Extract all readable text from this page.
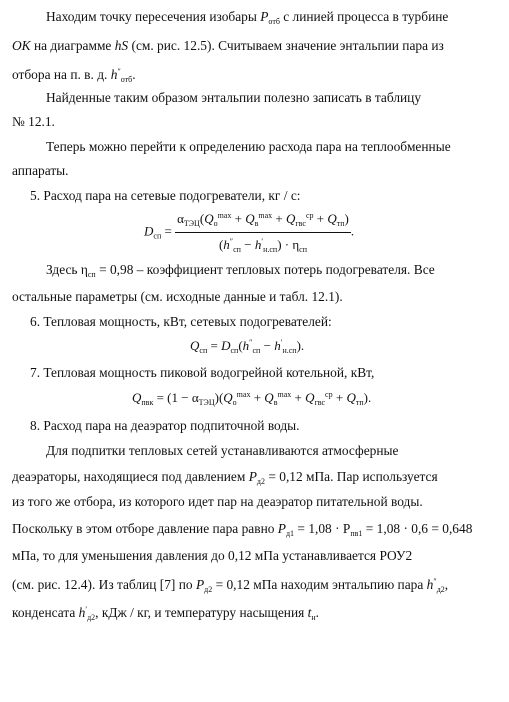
Находим точку пересечения изобары $P_{отб}$ с линией процесса в турбине
OK на диаграмме hS (см. рис. 12.5). Считываем значение энтальпии пара из
отбора на п. в. д. $h''_{отб}$.
Найденные таким образом энтальпии полезно записать в таблицу
№ 12.1.
Теперь можно перейти к определению расхода пара на теплообменные
аппараты.
5. Расход пара на сетевые подогреватели, кг / с:
$D_{сп} = \frac{\alpha_{ТЭЦ}(Q_о^{max} + Q_в^{max} + Q_{гвс}^{ср} + Q_{тп})}{(h''_{сп} - h'_{н.сп}) \cdot \eta_{сп}}$ .
Здесь $\eta_{сп} = 0,98$ – коэффициент тепловых потерь подогревателя. Все
остальные параметры (см. исходные данные и табл. 12.1).
6. Тепловая мощность, кВт, сетевых подогревателей:
$Q_{сп} = D_{сп}(h''_{сп} - h'_{н.сп})$.
7. Тепловая мощность пиковой водогрейной котельной, кВт,
$Q_{пвк} = (1 - \alpha_{ТЭЦ})(Q_о^{max} + Q_в^{max} + Q_{гвс}^{ср} + Q_{тп})$.
8. Расход пара на деаэратор подпиточной воды.
Для подпитки тепловых сетей устанавливаются атмосферные
деаэраторы, находящиеся под давлением $P_{д2} = 0,12$ мПа. Пар используется
из того же отбора, из которого идет пар на деаэратор питательной воды.
Поскольку в этом отборе давление пара равно $P_{д1} = 1,08 \cdot P_{пв1} = 1,08 \cdot 0,6 = 0,648$
мПа, то для уменьшения давления до 0,12 мПа устанавливается РОУ2
(см. рис. 12.4). Из таблиц [7] по $P_{д2} = 0,12$ мПа находим энтальпию пара $h''_{д2}$,
конденсата $h'_{д2}$, кДж / кг, и температуру насыщения $t_н$.
